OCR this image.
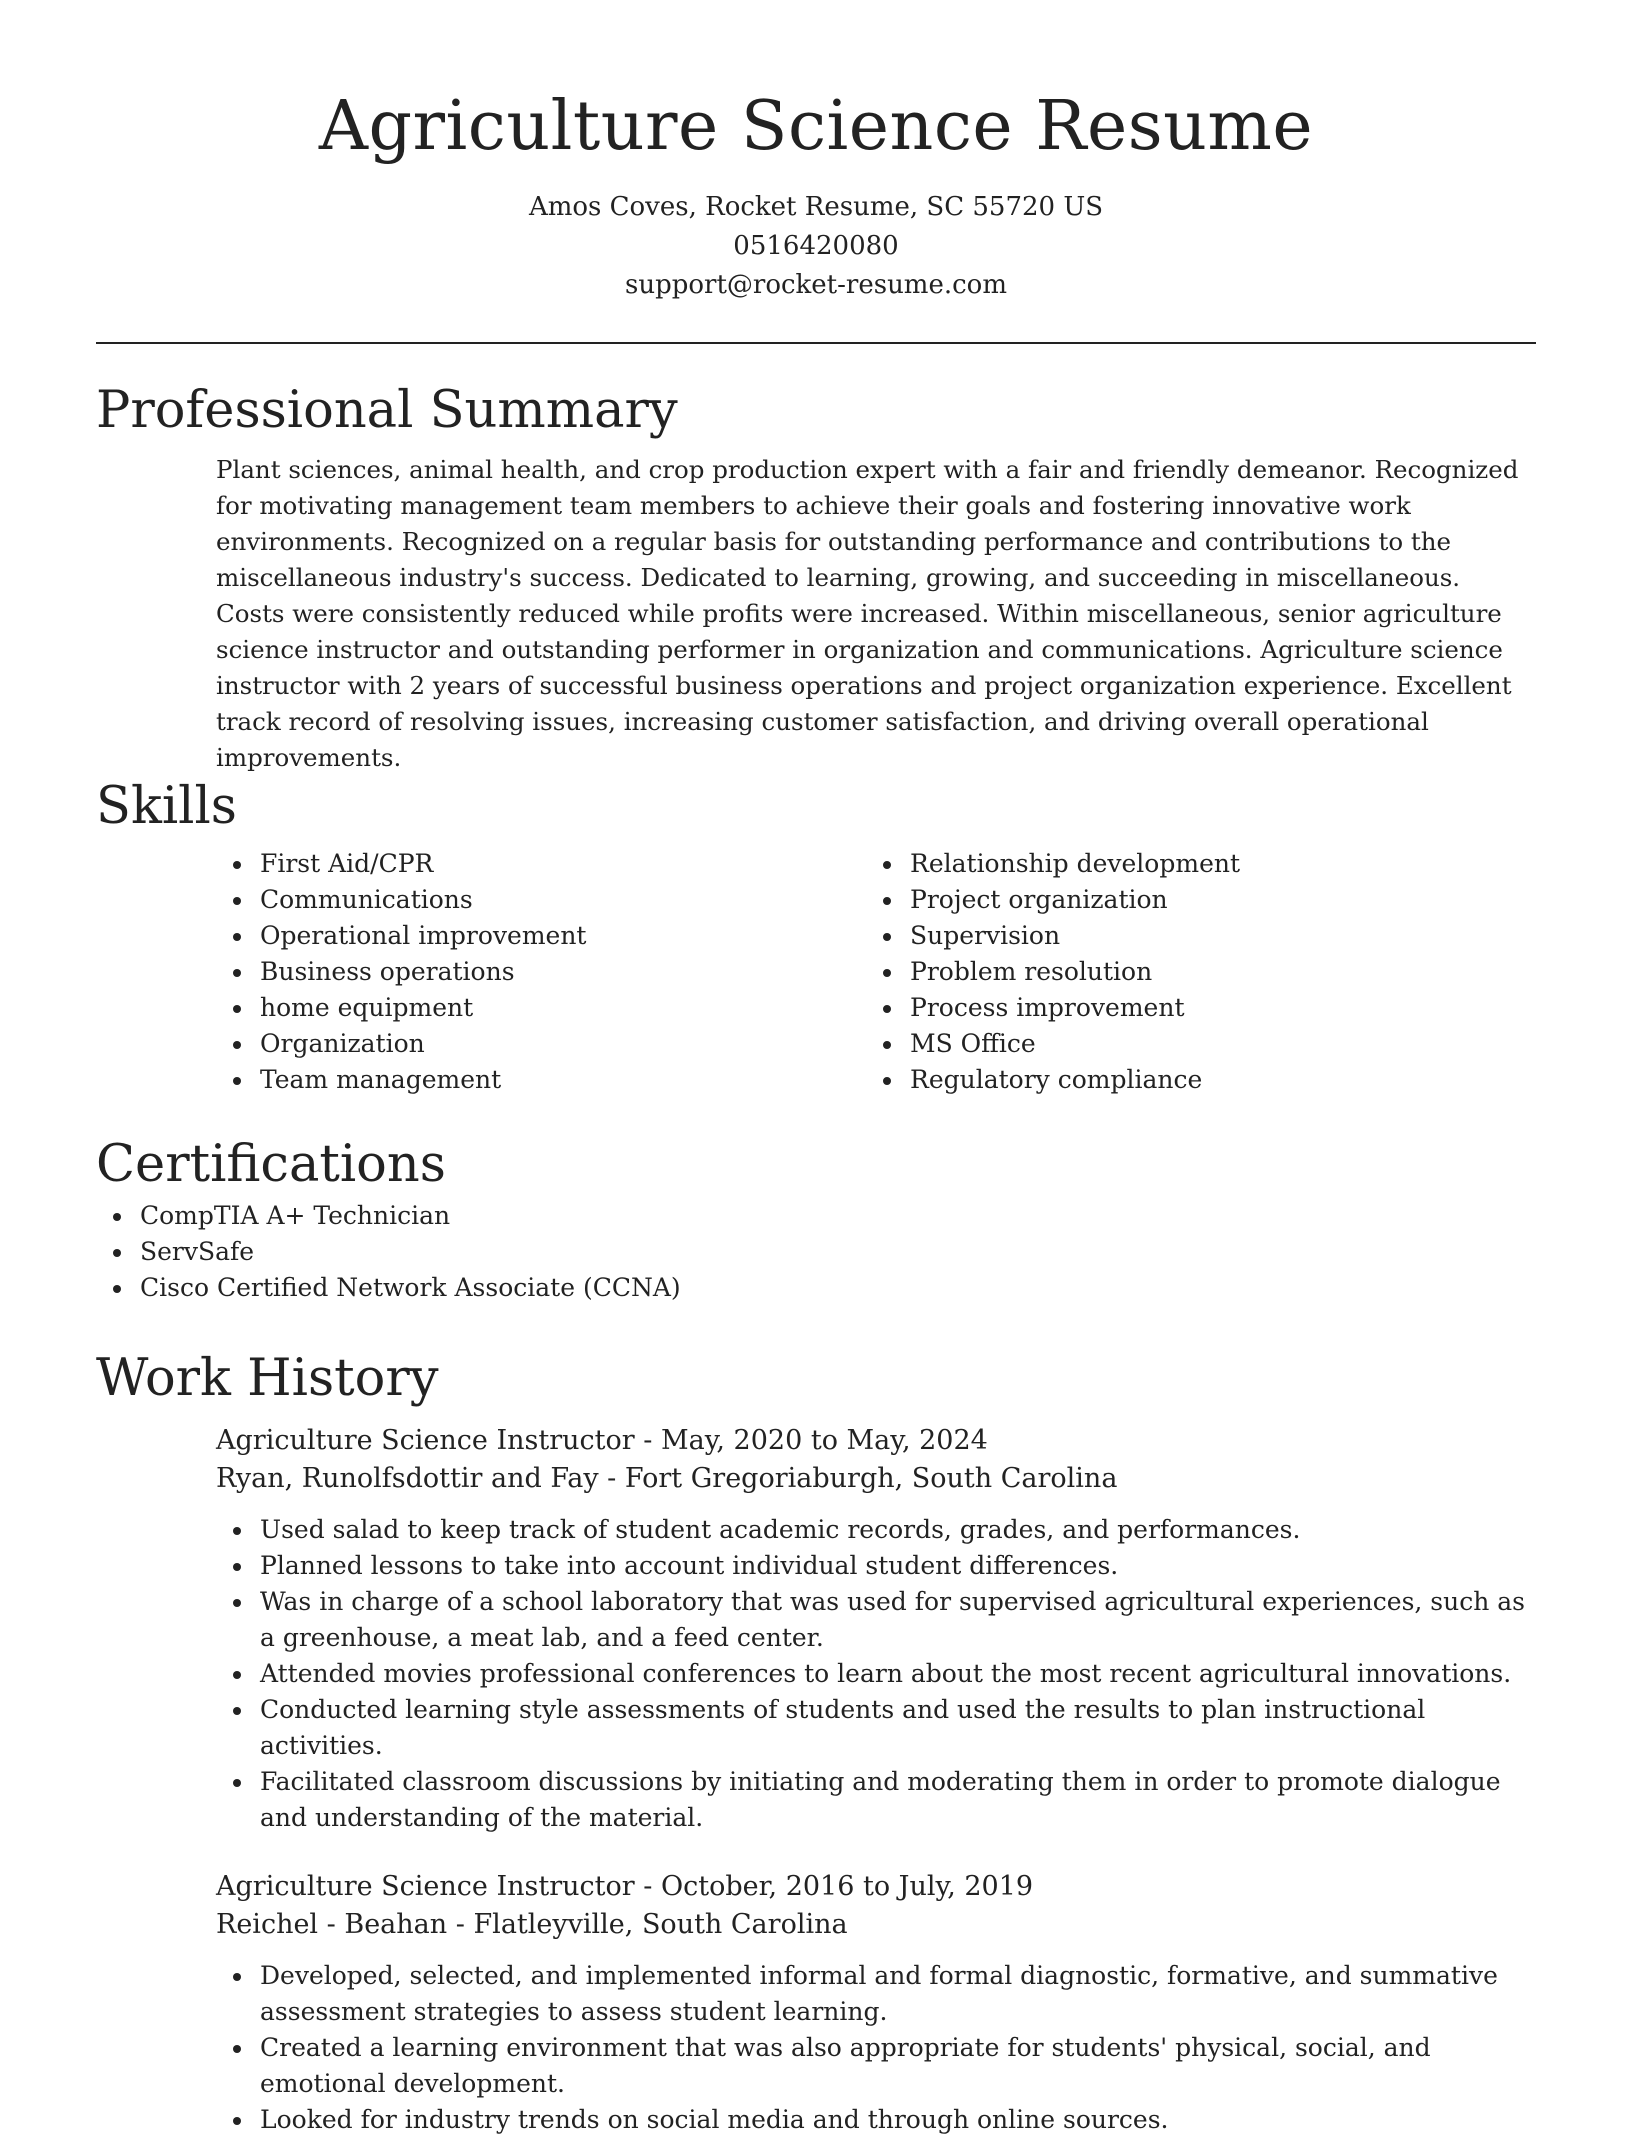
Agriculture Science Resume

Amos Coves, Rocket Resume, SC 55720 US

0516420080

support@rocket-resume.com

Professional Summary

Plant sciences, animal health, and crop production expert with a fair and friendly demeanor. Recognized for motivating management team members to achieve their goals and fostering innovative work environments. Recognized on a regular basis for outstanding performance and contributions to the miscellaneous industry's success. Dedicated to learning, growing, and succeeding in miscellaneous. Costs were consistently reduced while profits were increased. Within miscellaneous, senior agriculture science instructor and outstanding performer in organization and communications. Agriculture science instructor with 2 years of successful business operations and project organization experience. Excellent track record of resolving issues, increasing customer satisfaction, and driving overall operational improvements.

Skills
First Aid/CPR
Communications
Operational improvement
Business operations
home equipment
Organization
Team management
Relationship development
Project organization
Supervision
Problem resolution
Process improvement
MS Office
Regulatory compliance
Certifications
CompTIA A+ Technician
ServSafe
Cisco Certified Network Associate (CCNA)
Work History

Agriculture Science Instructor - May, 2020 to May, 2024

Ryan, Runolfsdottir and Fay - Fort Gregoriaburgh, South Carolina

Used salad to keep track of student academic records, grades, and performances.
Planned lessons to take into account individual student differences.
Was in charge of a school laboratory that was used for supervised agricultural experiences, such as a greenhouse, a meat lab, and a feed center.
Attended movies professional conferences to learn about the most recent agricultural innovations.
Conducted learning style assessments of students and used the results to plan instructional activities.
Facilitated classroom discussions by initiating and moderating them in order to promote dialogue and understanding of the material.

Agriculture Science Instructor - October, 2016 to July, 2019

Reichel - Beahan - Flatleyville, South Carolina

Developed, selected, and implemented informal and formal diagnostic, formative, and summative assessment strategies to assess student learning.
Created a learning environment that was also appropriate for students' physical, social, and emotional development.
Looked for industry trends on social media and through online sources.
